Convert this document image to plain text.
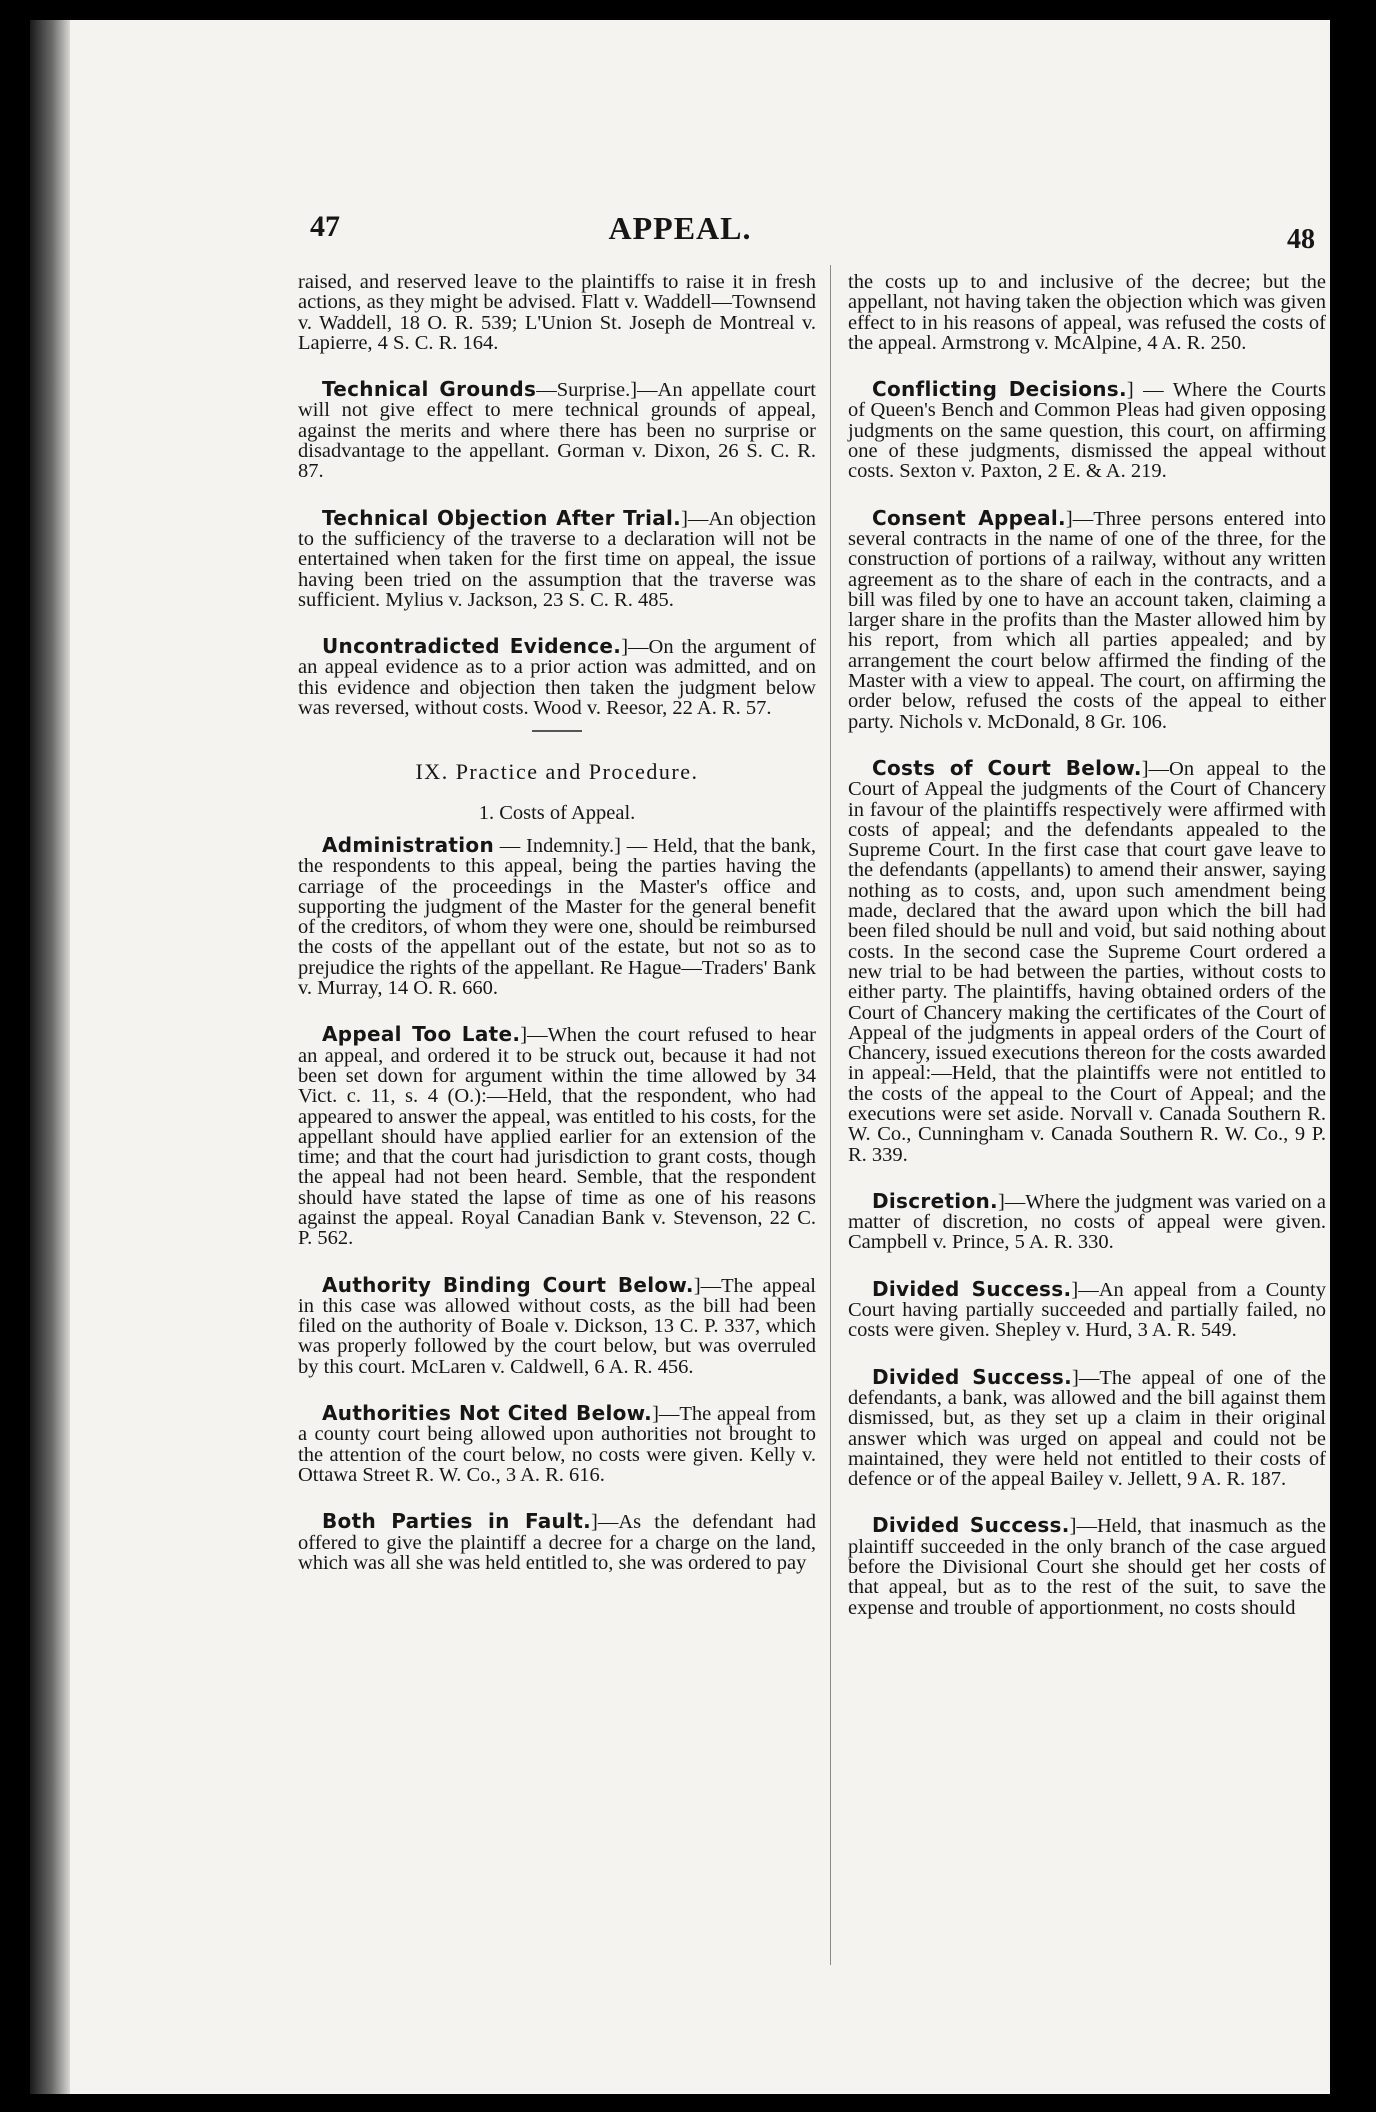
47	APPEAL.	48

raised, and reserved leave to the plaintiffs to raise it in fresh actions, as they might be advised. Flatt v. Waddell—Townsend v. Waddell, 18 O. R. 539; L'Union St. Joseph de Montreal v. Lapierre, 4 S. C. R. 164.

Technical Grounds—Surprise.]—An appellate court will not give effect to mere technical grounds of appeal, against the merits and where there has been no surprise or disadvantage to the appellant. Gorman v. Dixon, 26 S. C. R. 87.

Technical Objection After Trial.]—An objection to the sufficiency of the traverse to a declaration will not be entertained when taken for the first time on appeal, the issue having been tried on the assumption that the traverse was sufficient. Mylius v. Jackson, 23 S. C. R. 485.

Uncontradicted Evidence.]—On the argument of an appeal evidence as to a prior action was admitted, and on this evidence and objection then taken the judgment below was reversed, without costs. Wood v. Reesor, 22 A. R. 57.

IX. Practice and Procedure.
1. Costs of Appeal.

Administration — Indemnity.] — Held, that the bank, the respondents to this appeal, being the parties having the carriage of the proceedings in the Master's office and supporting the judgment of the Master for the general benefit of the creditors, of whom they were one, should be reimbursed the costs of the appellant out of the estate, but not so as to prejudice the rights of the appellant. Re Hague—Traders' Bank v. Murray, 14 O. R. 660.

Appeal Too Late.]—When the court refused to hear an appeal, and ordered it to be struck out, because it had not been set down for argument within the time allowed by 34 Vict. c. 11, s. 4 (O.):—Held, that the respondent, who had appeared to answer the appeal, was entitled to his costs, for the appellant should have applied earlier for an extension of the time; and that the court had jurisdiction to grant costs, though the appeal had not been heard. Semble, that the respondent should have stated the lapse of time as one of his reasons against the appeal. Royal Canadian Bank v. Stevenson, 22 C. P. 562.

Authority Binding Court Below.]—The appeal in this case was allowed without costs, as the bill had been filed on the authority of Boale v. Dickson, 13 C. P. 337, which was properly followed by the court below, but was overruled by this court. McLaren v. Caldwell, 6 A. R. 456.

Authorities Not Cited Below.]—The appeal from a county court being allowed upon authorities not brought to the attention of the court below, no costs were given. Kelly v. Ottawa Street R. W. Co., 3 A. R. 616.

Both Parties in Fault.]—As the defendant had offered to give the plaintiff a decree for a charge on the land, which was all she was held entitled to, she was ordered to pay

the costs up to and inclusive of the decree; but the appellant, not having taken the objection which was given effect to in his reasons of appeal, was refused the costs of the appeal. Armstrong v. McAlpine, 4 A. R. 250.

Conflicting Decisions.] — Where the Courts of Queen's Bench and Common Pleas had given opposing judgments on the same question, this court, on affirming one of these judgments, dismissed the appeal without costs. Sexton v. Paxton, 2 E. & A. 219.

Consent Appeal.]—Three persons entered into several contracts in the name of one of the three, for the construction of portions of a railway, without any written agreement as to the share of each in the contracts, and a bill was filed by one to have an account taken, claiming a larger share in the profits than the Master allowed him by his report, from which all parties appealed; and by arrangement the court below affirmed the finding of the Master with a view to appeal. The court, on affirming the order below, refused the costs of the appeal to either party. Nichols v. McDonald, 8 Gr. 106.

Costs of Court Below.]—On appeal to the Court of Appeal the judgments of the Court of Chancery in favour of the plaintiffs respectively were affirmed with costs of appeal; and the defendants appealed to the Supreme Court. In the first case that court gave leave to the defendants (appellants) to amend their answer, saying nothing as to costs, and, upon such amendment being made, declared that the award upon which the bill had been filed should be null and void, but said nothing about costs. In the second case the Supreme Court ordered a new trial to be had between the parties, without costs to either party. The plaintiffs, having obtained orders of the Court of Chancery making the certificates of the Court of Appeal of the judgments in appeal orders of the Court of Chancery, issued executions thereon for the costs awarded in appeal:—Held, that the plaintiffs were not entitled to the costs of the appeal to the Court of Appeal; and the executions were set aside. Norvall v. Canada Southern R. W. Co., Cunningham v. Canada Southern R. W. Co., 9 P. R. 339.

Discretion.]—Where the judgment was varied on a matter of discretion, no costs of appeal were given. Campbell v. Prince, 5 A. R. 330.

Divided Success.]—An appeal from a County Court having partially succeeded and partially failed, no costs were given. Shepley v. Hurd, 3 A. R. 549.

Divided Success.]—The appeal of one of the defendants, a bank, was allowed and the bill against them dismissed, but, as they set up a claim in their original answer which was urged on appeal and could not be maintained, they were held not entitled to their costs of defence or of the appeal Bailey v. Jellett, 9 A. R. 187.

Divided Success.]—Held, that inasmuch as the plaintiff succeeded in the only branch of the case argued before the Divisional Court she should get her costs of that appeal, but as to the rest of the suit, to save the expense and trouble of apportionment, no costs should
